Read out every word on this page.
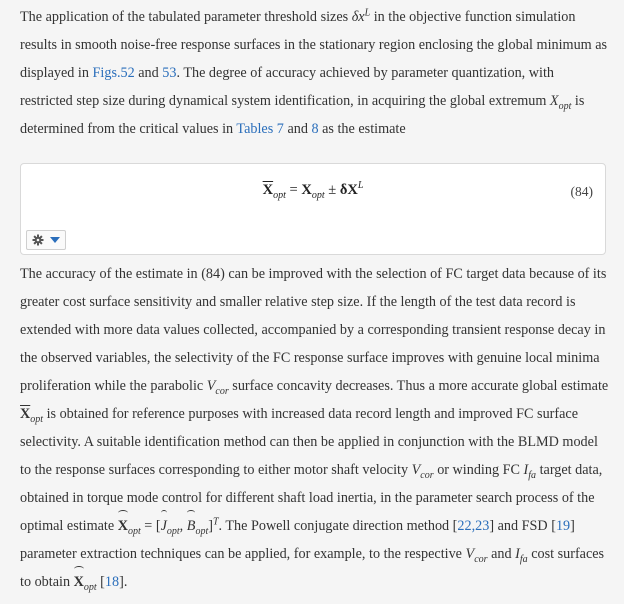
The application of the tabulated parameter threshold sizes $\delta x^L$ in the objective function simulation results in smooth noise-free response surfaces in the stationary region enclosing the global minimum as displayed in Figs.52 and 53. The degree of accuracy achieved by parameter quantization, with restricted step size during dynamical system identification, in acquiring the global extremum $X_{opt}$ is determined from the critical values in Tables 7 and 8 as the estimate

$\overline{X}_{opt} = X_{opt} \pm \delta X^L$	(84)

The accuracy of the estimate in (84) can be improved with the selection of FC target data because of its greater cost surface sensitivity and smaller relative step size. If the length of the test data record is extended with more data values collected, accompanied by a corresponding transient response decay in the observed variables, the selectivity of the FC response surface improves with genuine local minima proliferation while the parabolic $V_{cor}$ surface concavity decreases. Thus a more accurate global estimate $\overline{X}_{opt}$ is obtained for reference purposes with increased data record length and improved FC surface selectivity. A suitable identification method can then be applied in conjunction with the BLMD model to the response surfaces corresponding to either motor shaft velocity $V_{cor}$ or winding FC $I_{fa}$ target data, obtained in torque mode control for different shaft load inertia, in the parameter search process of the optimal estimate $X_{opt} = [J_{opt}$, $B_{opt}]^T$. The Powell conjugate direction method [22,23] and FSD [19] parameter extraction techniques can be applied, for example, to the respective $V_{cor}$ and $I_{fa}$ cost surfaces to obtain $X_{opt}$ [18].
